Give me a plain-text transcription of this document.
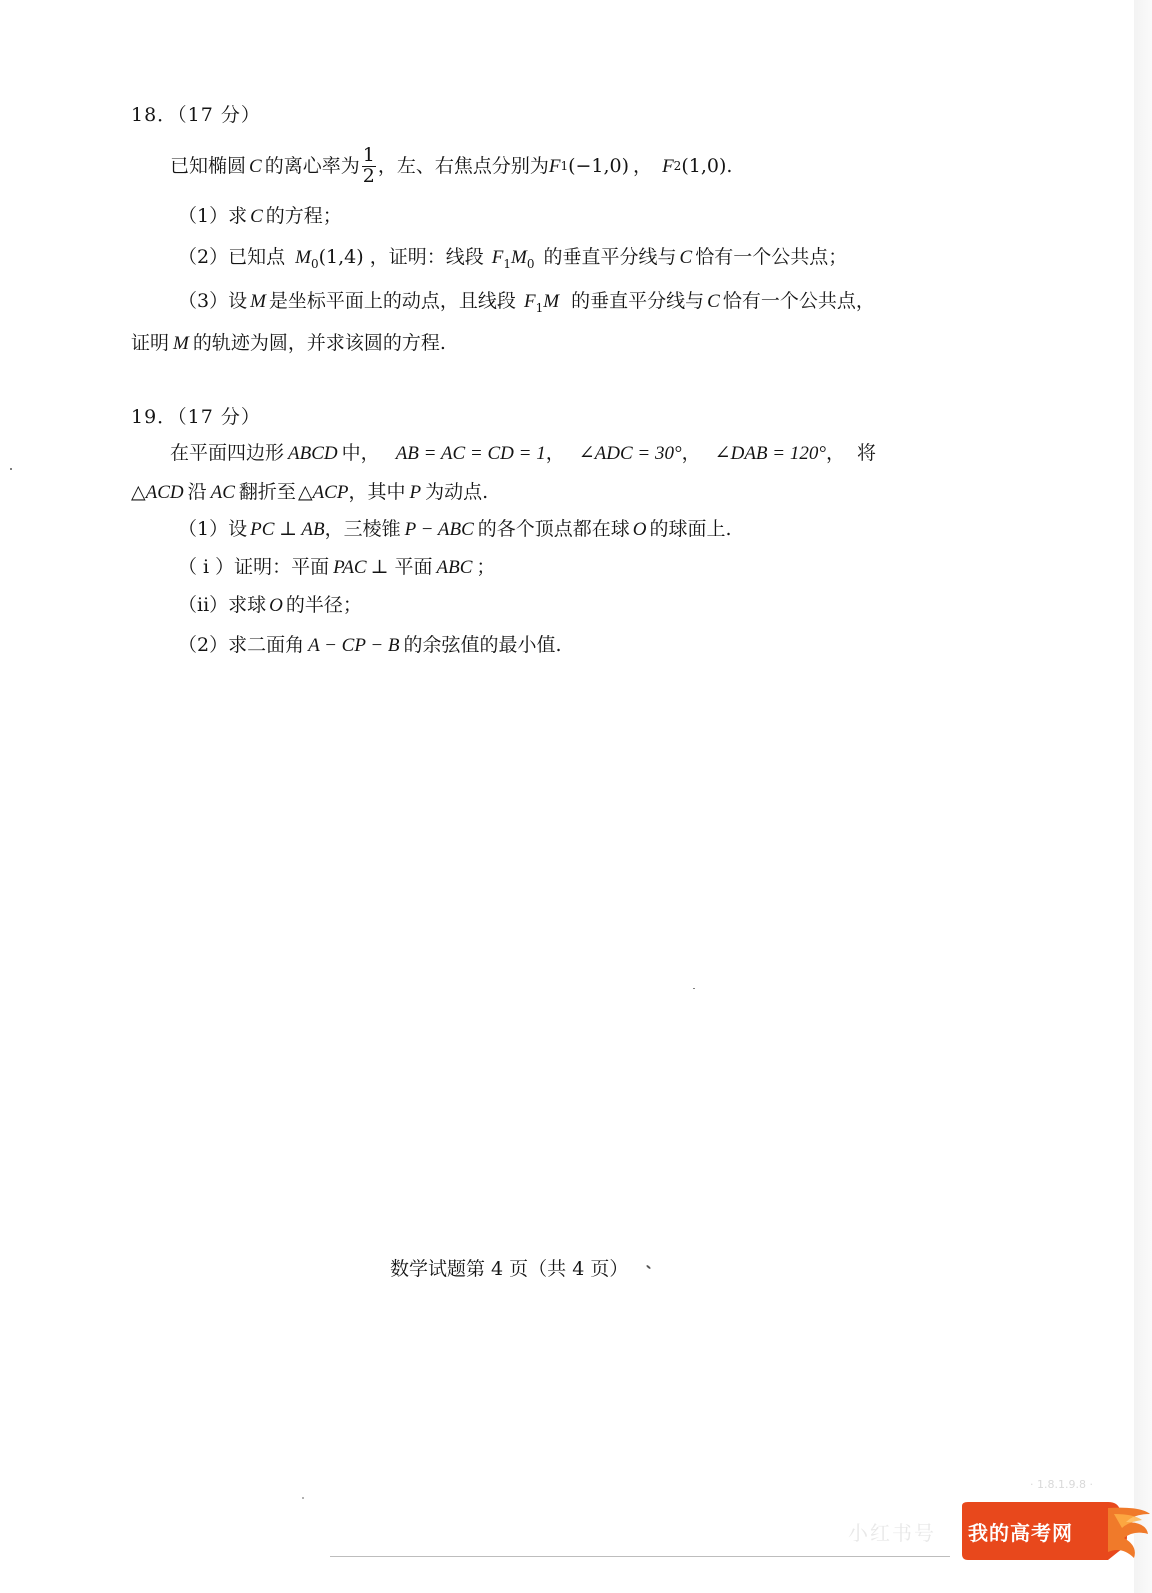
18．（17 分）
已知椭圆 C 的离心率为 $\frac{1}{2}$ ，左、右焦点分别为 F 1 (−1,0) ， F 2 (1,0) .
（1）求 C 的方程；
（2）已知点 $M_0(1,4)$ ，证明：线段 $F_1M_0$ 的垂直平分线与 C 恰有一个公共点；
（3）设 M 是坐标平面上的动点，且线段 $F_1M$ 的垂直平分线与 C 恰有一个公共点，
证明 M 的轨迹为圆，并求该圆的方程.
19．（17 分）
在平面四边形 ABCD 中， AB = AC = CD = 1， ∠ADC = 30°， ∠DAB = 120°， 将
△ACD 沿 AC 翻折至 △ACP，其中 P 为动点.
（1）设 PC ⊥ AB，三棱锥 P − ABC 的各个顶点都在球 O 的球面上.
（ i ）证明：平面 PAC ⊥ 平面 ABC ；
（ii）求球 O 的半径；
（2）求二面角 A − CP − B 的余弦值的最小值.
数学试题第 4 页（共 4 页）
· 1.8.1.9.8 ·
小红书号 我的高考网
